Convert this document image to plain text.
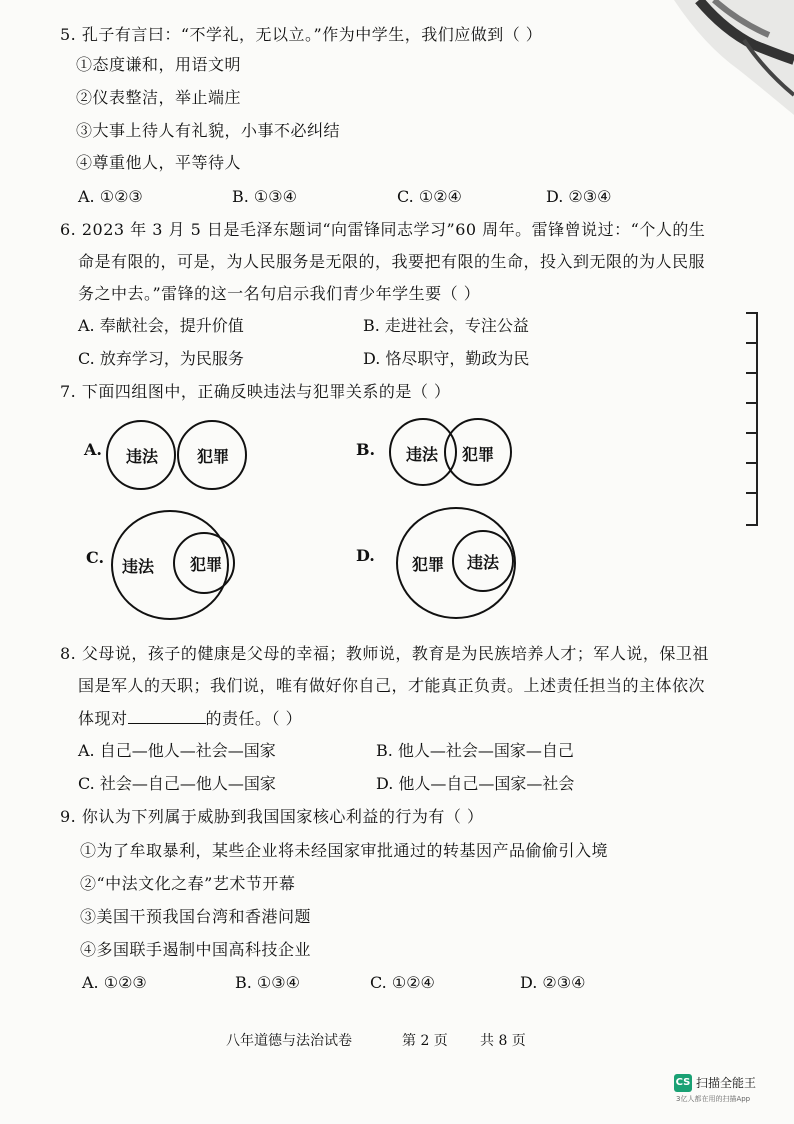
5. 孔子有言曰：“不学礼，无以立。”作为中学生，我们应做到（ ）
①态度谦和，用语文明
②仪表整洁，举止端庄
③大事上待人有礼貌，小事不必纠结
④尊重他人，平等待人
A. ①②③	B. ①③④	C. ①②④	D. ②③④
6. 2023 年 3 月 5 日是毛泽东题词“向雷锋同志学习”60 周年。雷锋曾说过：“个人的生
命是有限的，可是，为人民服务是无限的，我要把有限的生命，投入到无限的为人民服
务之中去。”雷锋的这一名句启示我们青少年学生要（ ）
A. 奉献社会，提升价值	B. 走进社会，专注公益
C. 放弃学习，为民服务	D. 恪尽职守，勤政为民
7. 下面四组图中，正确反映违法与犯罪关系的是（ ）
A. 违法 犯罪	B. 违法 犯罪
C. 违法 犯罪	D. 犯罪 违法
8. 父母说，孩子的健康是父母的幸福；教师说，教育是为民族培养人才；军人说，保卫祖
国是军人的天职；我们说，唯有做好你自己，才能真正负责。上述责任担当的主体依次
体现对	的责任。（ ）
A. 自己—他人—社会—国家	B. 他人—社会—国家—自己
C. 社会—自己—他人—国家	D. 他人—自己—国家—社会
9. 你认为下列属于威胁到我国国家核心利益的行为有（ ）
①为了牟取暴利，某些企业将未经国家审批通过的转基因产品偷偷引入境
②“中法文化之春”艺术节开幕
③美国干预我国台湾和香港问题
④多国联手遏制中国高科技企业
A. ①②③	B. ①③④	C. ①②④	D. ②③④
八年道德与法治试卷	第 2 页 共 8 页
CS 扫描全能王
3亿人都在用的扫描App
